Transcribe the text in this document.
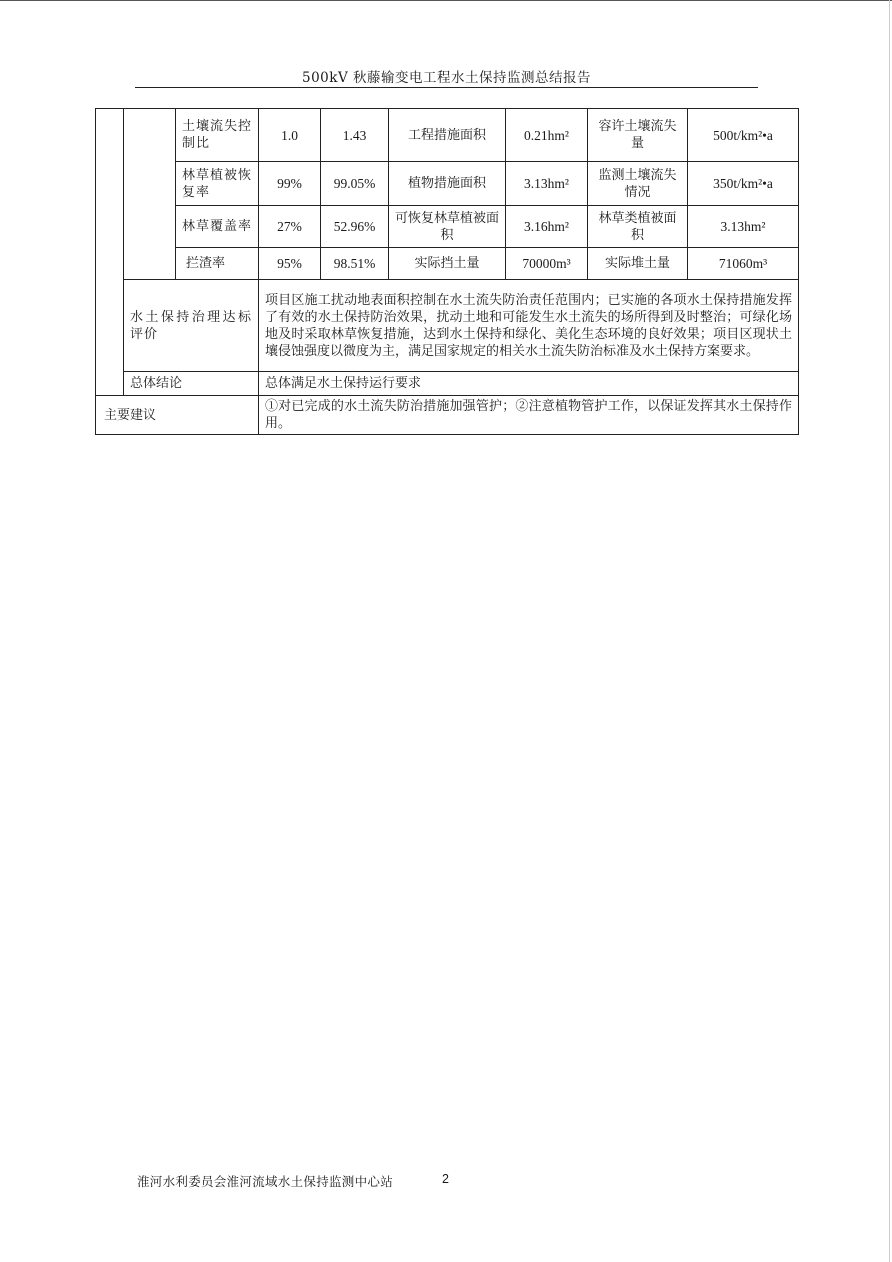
500kV 秋藤输变电工程水土保持监测总结报告
		土壤流失控制比	1.0	1.43	工程措施面积	0.21hm²	容许土壤流失量	500t/km²•a
		林草植被恢复率	99%	99.05%	植物措施面积	3.13hm²	监测土壤流失情况	350t/km²•a
		林草覆盖率	27%	52.96%	可恢复林草植被面积	3.16hm²	林草类植被面积	3.13hm²
		拦渣率	95%	98.51%	实际挡土量	70000m³	实际堆土量	71060m³
	水土保持治理达标评价		项目区施工扰动地表面积控制在水土流失防治责任范围内；已实施的各项水土保持措施发挥了有效的水土保持防治效果，扰动土地和可能发生水土流失的场所得到及时整治；可绿化场地及时采取林草恢复措施，达到水土保持和绿化、美化生态环境的良好效果；项目区现状土壤侵蚀强度以微度为主，满足国家规定的相关水土流失防治标准及水土保持方案要求。					
	总体结论		总体满足水土保持运行要求					
主要建议			①对已完成的水土流失防治措施加强管护；②注意植物管护工作，以保证发挥其水土保持作用。					
淮河水利委员会淮河流域水土保持监测中心站	2
